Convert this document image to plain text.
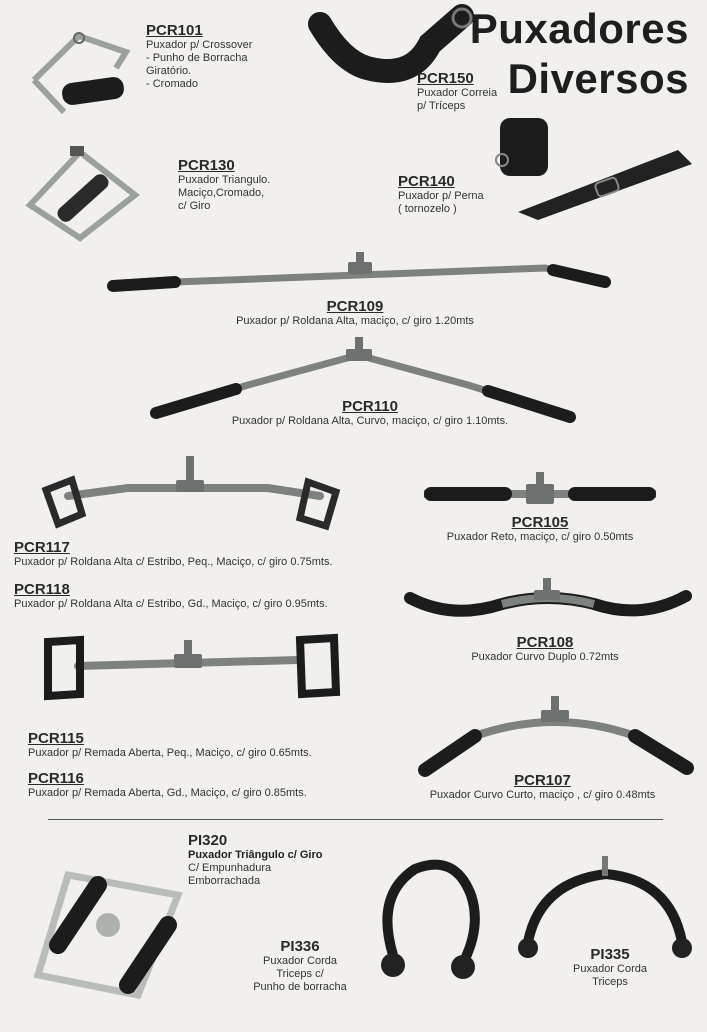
Puxadores
Diversos
PCR101
Puxador p/ Crossover
- Punho de Borracha
Giratório.
- Cromado	PCR150
Puxador Correia
p/ Tríceps
PCR130
Puxador Triangulo.
Maciço,Cromado,
c/ Giro
PCR140
Puxador p/ Perna
( tornozelo )
PCR109
Puxador p/ Roldana Alta, maciço, c/ giro 1.20mts
PCR110
Puxador p/ Roldana Alta, Curvo, maciço, c/ giro 1.10mts.
PCR105
Puxador Reto, maciço, c/ giro 0.50mts
PCR117
Puxador p/ Roldana Alta c/ Estribo, Peq., Maciço, c/ giro 0.75mts.
PCR118
Puxador p/ Roldana Alta c/ Estribo, Gd., Maciço, c/ giro 0.95mts.
PCR108
Puxador Curvo Duplo 0.72mts
PCR115
Puxador p/ Remada Aberta, Peq., Maciço, c/ giro 0.65mts.
PCR116
Puxador p/ Remada Aberta, Gd., Maciço, c/ giro 0.85mts.
PCR107
Puxador Curvo Curto, maciço , c/ giro 0.48mts
PI320
Puxador Triângulo c/ Giro
C/ Empunhadura
Emborrachada
PI336
Puxador Corda
Triceps c/
Punho de borracha
PI335
Puxador Corda
Triceps
